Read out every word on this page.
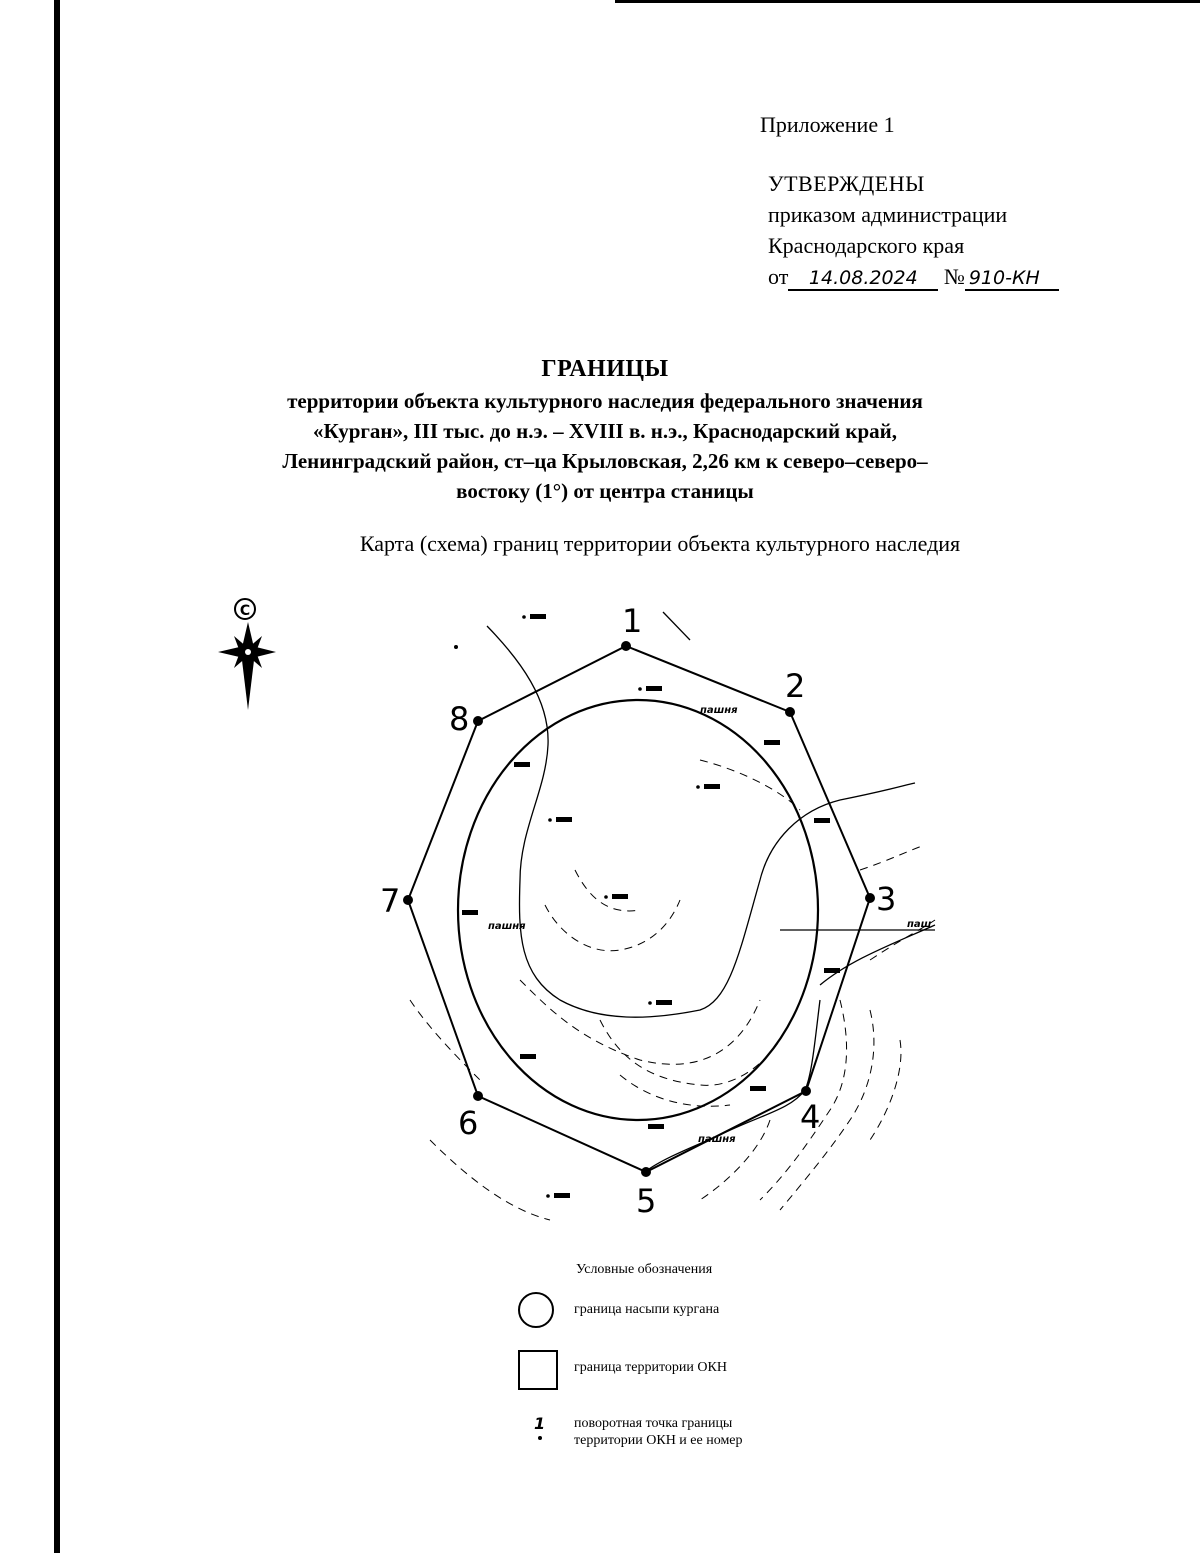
Приложение 1
УТВЕРЖДЕНЫ
приказом администрации
Краснодарского края
от 14.08.2024 № 910-КН
ГРАНИЦЫ
территории объекта культурного наследия федерального значения
«Курган», III тыс. до н.э. – XVIII в. н.э., Краснодарский край,
Ленинградский район, ст–ца Крыловская, 2,26 км к северо–северо–
востоку (1°) от центра станицы
Карта (схема) границ территории объекта культурного наследия
С	1
2
3
4
5
6
7
8	пашня
пашня	паш
пашня
Условные обозначения
граница насыпи кургана
граница территории ОКН
1 поворотная точка границы
территории ОКН и ее номер
